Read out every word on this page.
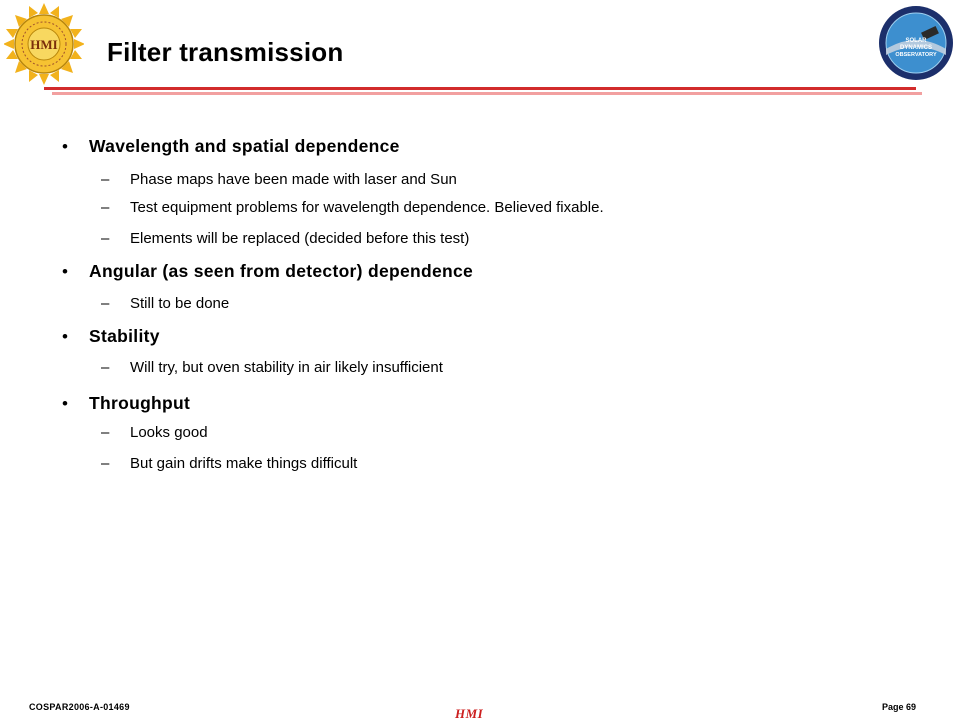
HMI	SOLAR
DYNAMICS
OBSERVATORY
Filter transmission
• Wavelength and spatial dependence
– Phase maps have been made with laser and Sun
– Test equipment problems for wavelength dependence. Believed fixable.
– Elements will be replaced (decided before this test)
• Angular (as seen from detector) dependence
– Still to be done
• Stability
– Will try, but oven stability in air likely insufficient
• Throughput
– Looks good
– But gain drifts make things difficult
COSPAR2006-A-01469	HMI	Page 69
